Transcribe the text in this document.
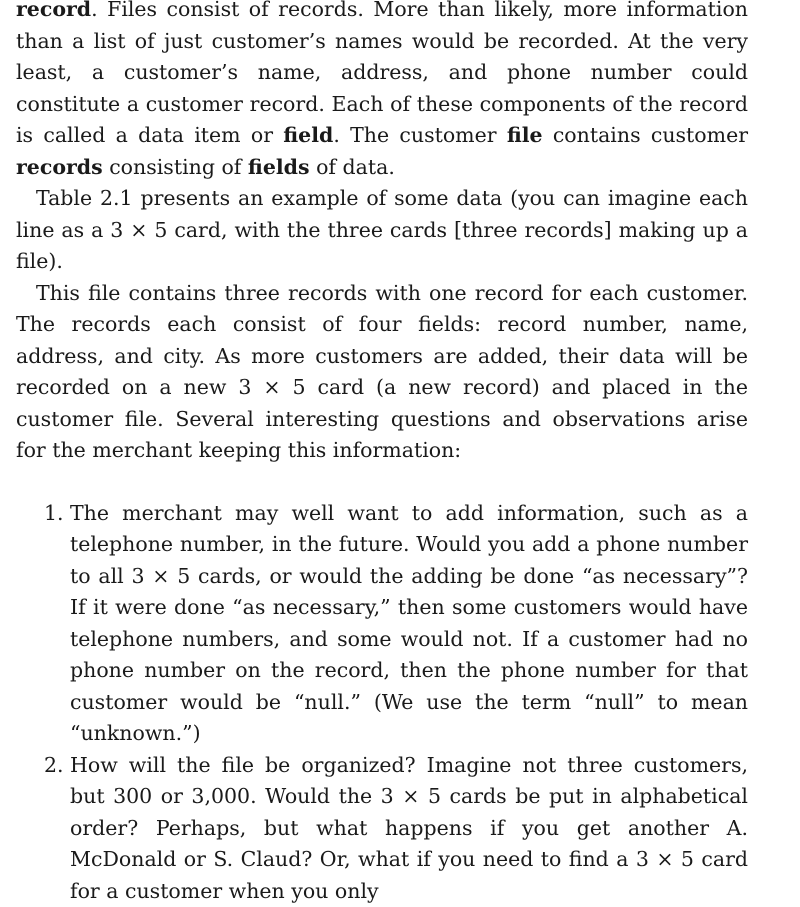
record. Files consist of records. More than likely, more information than a list of just customer’s names would be recorded. At the very least, a customer’s name, address, and phone number could constitute a customer record. Each of these components of the record is called a data item or field. The customer file contains customer records consisting of fields of data.

Table 2.1 presents an example of some data (you can imagine each line as a 3 × 5 card, with the three cards [three records] making up a file).

This file contains three records with one record for each customer. The records each consist of four fields: record number, name, address, and city. As more customers are added, their data will be recorded on a new 3 × 5 card (a new record) and placed in the customer file. Several interesting questions and observations arise for the merchant keeping this information:

1. The merchant may well want to add information, such as a telephone number, in the future. Would you add a phone number to all 3 × 5 cards, or would the adding be done “as necessary”? If it were done “as necessary,” then some customers would have telephone numbers, and some would not. If a customer had no phone number on the record, then the phone number for that customer would be “null.” (We use the term “null” to mean “unknown.”)
2. How will the file be organized? Imagine not three customers, but 300 or 3,000. Would the 3 × 5 cards be put in alphabetical order? Perhaps, but what happens if you get another A. McDonald or S. Claud? Or, what if you need to find a 3 × 5 card for a customer when you only
